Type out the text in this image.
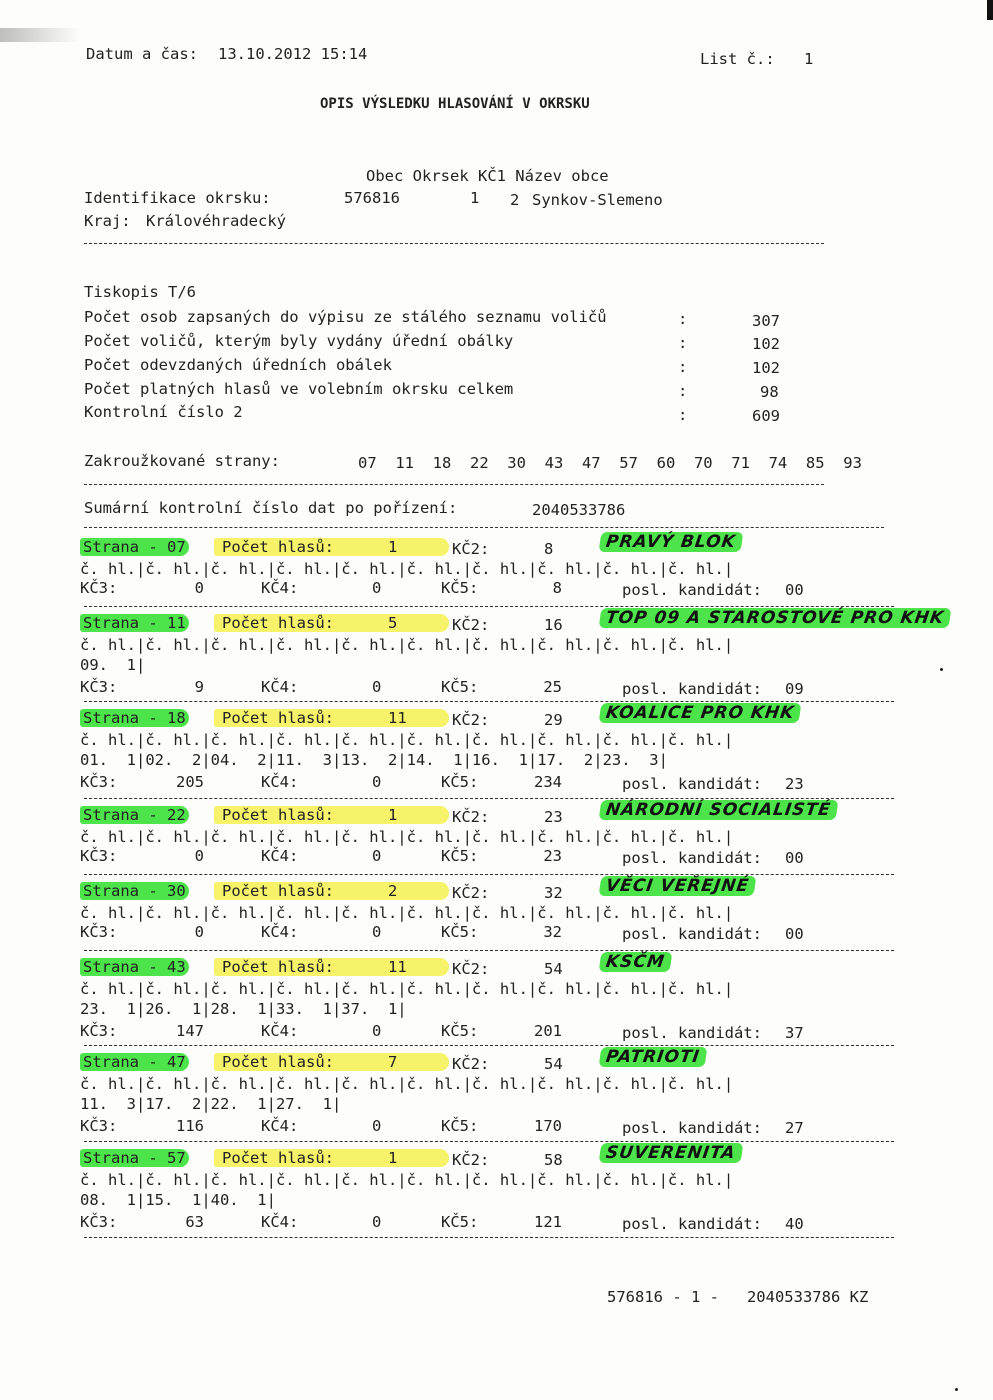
Datum a čas: 13.10.2012 15:14	List č.: 1
OPIS VÝSLEDKU HLASOVÁNÍ V OKRSKU
Obec Okrsek KČ1 Název obce
Identifikace okrsku:	576816	1 2 Synkov-Slemeno
Kraj: Královéhradecký
Tiskopis T/6
Počet osob zapsaných do výpisu ze stálého seznamu voličů	:	307
Počet voličů, kterým byly vydány úřední obálky	:	102
Počet odevzdaných úředních obálek	:	102
Počet platných hlasů ve volebním okrsku celkem	:	98
Kontrolní číslo 2	:	609
Zakroužkované strany:	07  11  18  22  30  43  47  57  60  70  71  74  85  93
Sumární kontrolní číslo dat po pořízení:	2040533786
Strana - 07	Počet hlasů:	1	KČ2:	8
č. hl.|č. hl.|č. hl.|č. hl.|č. hl.|č. hl.|č. hl.|č. hl.|č. hl.|č. hl.|
KČ3:	0	KČ4:	0	KČ5:	8	posl. kandidát: 00
PRAVÝ BLOK
Strana - 11	Počet hlasů:	5	KČ2:	16
č. hl.|č. hl.|č. hl.|č. hl.|č. hl.|č. hl.|č. hl.|č. hl.|č. hl.|č. hl.|
09.  1|
KČ3:	9	KČ4:	0	KČ5:	25	posl. kandidát: 09
TOP 09 A STAROSTOVÉ PRO KHK
Strana - 18	Počet hlasů:	11	KČ2:	29
č. hl.|č. hl.|č. hl.|č. hl.|č. hl.|č. hl.|č. hl.|č. hl.|č. hl.|č. hl.|
01.  1|02.  2|04.  2|11.  3|13.  2|14.  1|16.  1|17.  2|23.  3|
KČ3:	205	KČ4:	0	KČ5:	234	posl. kandidát: 23
KOALICE PRO KHK
Strana - 22	Počet hlasů:	1	KČ2:	23
č. hl.|č. hl.|č. hl.|č. hl.|č. hl.|č. hl.|č. hl.|č. hl.|č. hl.|č. hl.|
KČ3:	0	KČ4:	0	KČ5:	23	posl. kandidát: 00
NÁRODNÍ SOCIALISTÉ
Strana - 30	Počet hlasů:	2	KČ2:	32
č. hl.|č. hl.|č. hl.|č. hl.|č. hl.|č. hl.|č. hl.|č. hl.|č. hl.|č. hl.|
KČ3:	0	KČ4:	0	KČ5:	32	posl. kandidát: 00
VĚCI VEŘEJNÉ
Strana - 43	Počet hlasů:	11	KČ2:	54
č. hl.|č. hl.|č. hl.|č. hl.|č. hl.|č. hl.|č. hl.|č. hl.|č. hl.|č. hl.|
23.  1|26.  1|28.  1|33.  1|37.  1|
KČ3:	147	KČ4:	0	KČ5:	201	posl. kandidát: 37
KSČM
Strana - 47	Počet hlasů:	7	KČ2:	54
č. hl.|č. hl.|č. hl.|č. hl.|č. hl.|č. hl.|č. hl.|č. hl.|č. hl.|č. hl.|
11.  3|17.  2|22.  1|27.  1|
KČ3:	116	KČ4:	0	KČ5:	170	posl. kandidát: 27
PATRIOTI
Strana - 57	Počet hlasů:	1	KČ2:	58
č. hl.|č. hl.|č. hl.|č. hl.|č. hl.|č. hl.|č. hl.|č. hl.|č. hl.|č. hl.|
08.  1|15.  1|40.  1|
KČ3:	63	KČ4:	0	KČ5:	121	posl. kandidát: 40
SUVERENITA
576816 - 1 -   2040533786 KZ
